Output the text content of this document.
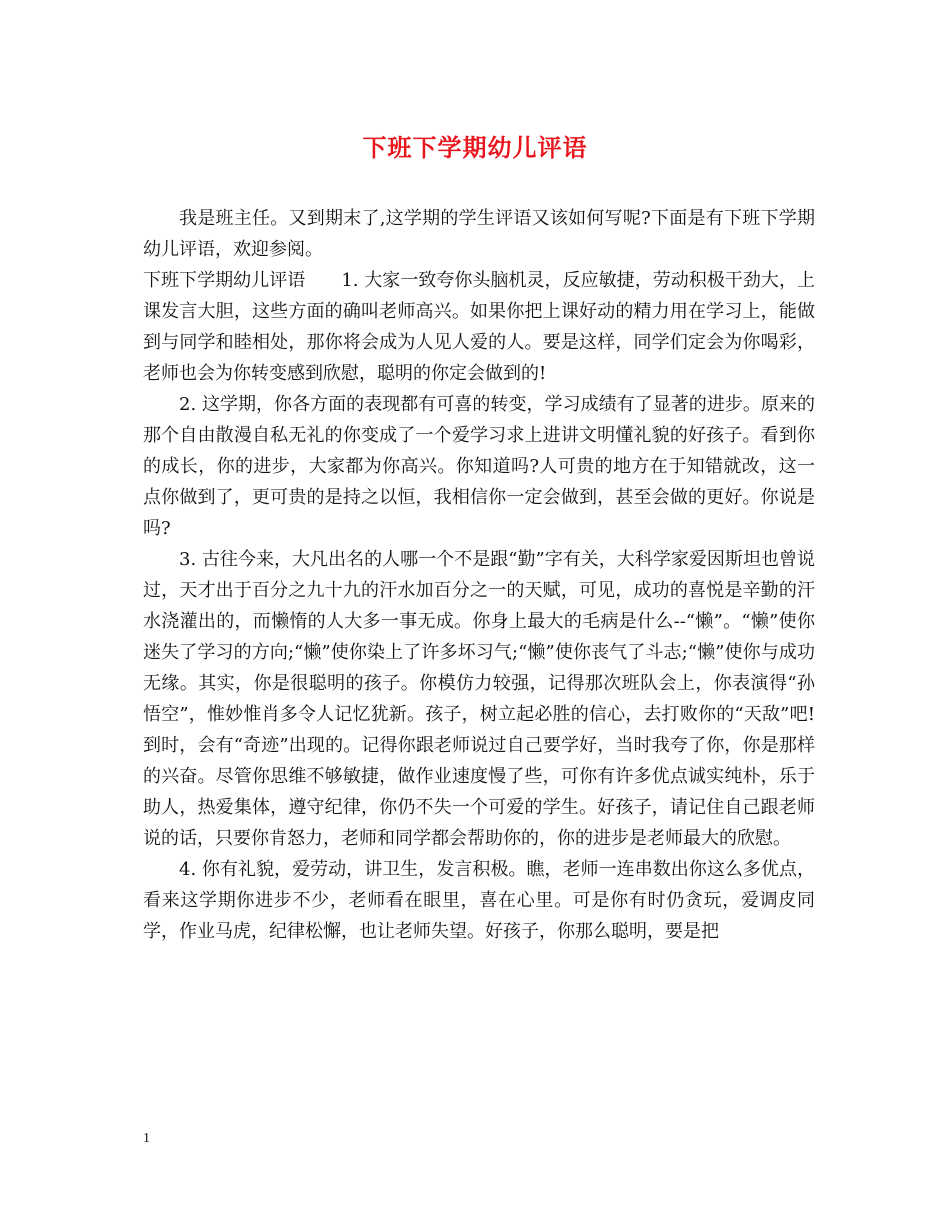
下班下学期幼儿评语

我是班主任。又到期末了,这学期的学生评语又该如何写呢?下面是有下班下学期幼儿评语，欢迎参阅。

下班下学期幼儿评语　　1. 大家一致夸你头脑机灵，反应敏捷，劳动积极干劲大，上课发言大胆，这些方面的确叫老师高兴。如果你把上课好动的精力用在学习上，能做到与同学和睦相处，那你将会成为人见人爱的人。要是这样，同学们定会为你喝彩，老师也会为你转变感到欣慰，聪明的你定会做到的!

2. 这学期，你各方面的表现都有可喜的转变，学习成绩有了显著的进步。原来的那个自由散漫自私无礼的你变成了一个爱学习求上进讲文明懂礼貌的好孩子。看到你的成长，你的进步，大家都为你高兴。你知道吗?人可贵的地方在于知错就改，这一点你做到了，更可贵的是持之以恒，我相信你一定会做到，甚至会做的更好。你说是吗?

3. 古往今来，大凡出名的人哪一个不是跟“勤”字有关，大科学家爱因斯坦也曾说过，天才出于百分之九十九的汗水加百分之一的天赋，可见，成功的喜悦是辛勤的汗水浇灌出的，而懒惰的人大多一事无成。你身上最大的毛病是什么--“懒”。“懒”使你迷失了学习的方向;“懒”使你染上了许多坏习气;“懒”使你丧气了斗志;“懒”使你与成功无缘。其实，你是很聪明的孩子。你模仿力较强，记得那次班队会上，你表演得“孙悟空”，惟妙惟肖多令人记忆犹新。孩子，树立起必胜的信心，去打败你的“天敌”吧!到时，会有“奇迹”出现的。记得你跟老师说过自己要学好，当时我夸了你，你是那样的兴奋。尽管你思维不够敏捷，做作业速度慢了些，可你有许多优点诚实纯朴，乐于助人，热爱集体，遵守纪律，你仍不失一个可爱的学生。好孩子，请记住自己跟老师说的话，只要你肯怒力，老师和同学都会帮助你的，你的进步是老师最大的欣慰。

4. 你有礼貌，爱劳动，讲卫生，发言积极。瞧，老师一连串数出你这么多优点，看来这学期你进步不少，老师看在眼里，喜在心里。可是你有时仍贪玩，爱调皮同学，作业马虎，纪律松懈，也让老师失望。好孩子，你那么聪明，要是把

1
